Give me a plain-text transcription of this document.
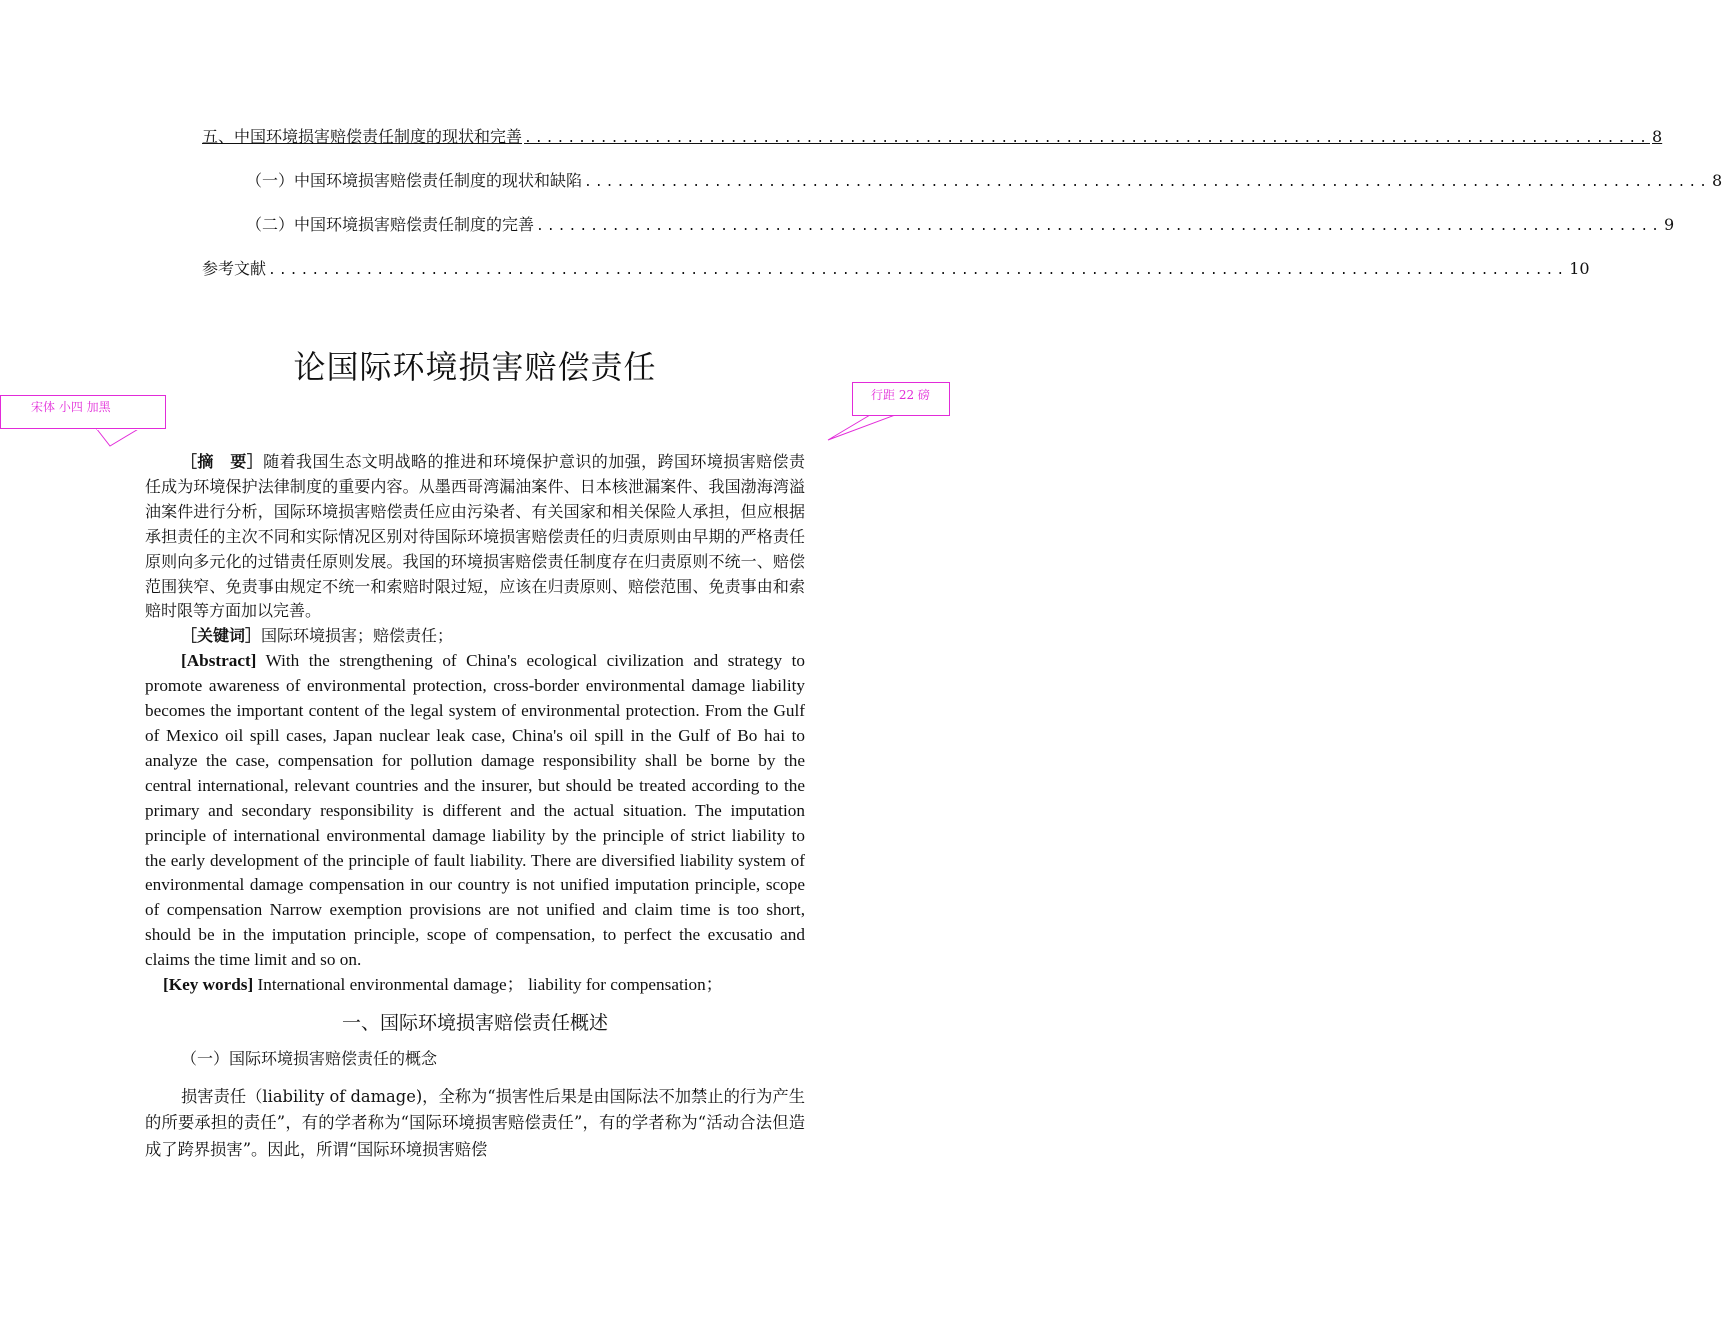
五、中国环境损害赔偿责任制度的现状和完善 ........................................................................................................ 8
（一）中国环境损害赔偿责任制度的现状和缺陷 ........................................................................................................ 8
（二）中国环境损害赔偿责任制度的完善 ........................................................................................................ 9
参考文献 ........................................................................................................................ 10
论国际环境损害赔偿责任
宋体 小四 加黑
行距 22 磅

［摘　要］随着我国生态文明战略的推进和环境保护意识的加强，跨国环境损害赔偿责任成为环境保护法律制度的重要内容。从墨西哥湾漏油案件、日本核泄漏案件、我国渤海湾溢油案件进行分析，国际环境损害赔偿责任应由污染者、有关国家和相关保险人承担，但应根据承担责任的主次不同和实际情况区别对待国际环境损害赔偿责任的归责原则由早期的严格责任原则向多元化的过错责任原则发展。我国的环境损害赔偿责任制度存在归责原则不统一、赔偿范围狭窄、免责事由规定不统一和索赔时限过短，应该在归责原则、赔偿范围、免责事由和索赔时限等方面加以完善。

［关键词］国际环境损害；赔偿责任；

[Abstract] With the strengthening of China's ecological civilization and strategy to promote awareness of environmental protection, cross-border environmental damage liability becomes the important content of the legal system of environmental protection. From the Gulf of Mexico oil spill cases, Japan nuclear leak case, China's oil spill in the Gulf of Bo hai to analyze the case, compensation for pollution damage responsibility shall be borne by the central international, relevant countries and the insurer, but should be treated according to the primary and secondary responsibility is different and the actual situation. The imputation principle of international environmental damage liability by the principle of strict liability to the early development of the principle of fault liability. There are diversified liability system of environmental damage compensation in our country is not unified imputation principle, scope of compensation Narrow exemption provisions are not unified and claim time is too short, should be in the imputation principle, scope of compensation, to perfect the excusatio and claims the time limit and so on.

[Key words] International environmental damage； liability for compensation；

一、国际环境损害赔偿责任概述
（一）国际环境损害赔偿责任的概念

损害责任（liability of damage)，全称为“损害性后果是由国际法不加禁止的行为产生的所要承担的责任”，有的学者称为“国际环境损害赔偿责任”，有的学者称为“活动合法但造成了跨界损害”。因此，所谓“国际环境损害赔偿
